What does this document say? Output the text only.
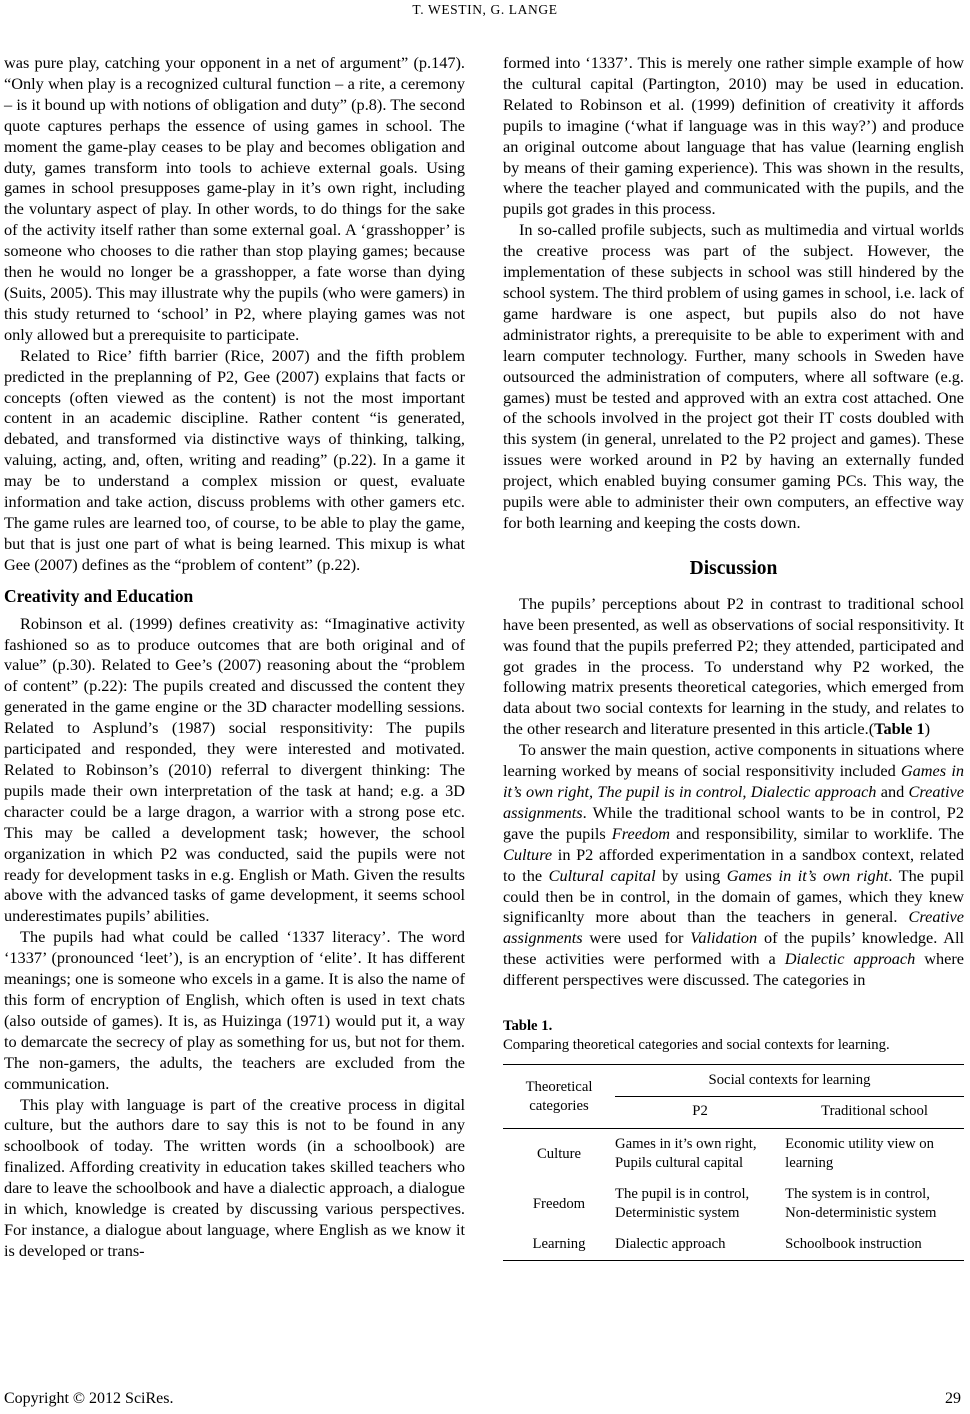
T. WESTIN, G. LANGE

was pure play, catching your opponent in a net of argument” (p.147). “Only when play is a recognized cultural function – a rite, a ceremony – is it bound up with notions of obligation and duty” (p.8). The second quote captures perhaps the essence of using games in school. The moment the game-play ceases to be play and becomes obligation and duty, games transform into tools to achieve external goals. Using games in school presupposes game-play in it’s own right, including the voluntary aspect of play. In other words, to do things for the sake of the activity itself rather than some external goal. A ‘grasshopper’ is someone who chooses to die rather than stop playing games; because then he would no longer be a grasshopper, a fate worse than dying (Suits, 2005). This may illustrate why the pupils (who were gamers) in this study returned to ‘school’ in P2, where playing games was not only allowed but a prerequisite to participate.

Related to Rice’ fifth barrier (Rice, 2007) and the fifth problem predicted in the preplanning of P2, Gee (2007) explains that facts or concepts (often viewed as the content) is not the most important content in an academic discipline. Rather content “is generated, debated, and transformed via distinctive ways of thinking, talking, valuing, acting, and, often, writing and reading” (p.22). In a game it may be to understand a complex mission or quest, evaluate information and take action, discuss problems with other gamers etc. The game rules are learned too, of course, to be able to play the game, but that is just one part of what is being learned. This mixup is what Gee (2007) defines as the “problem of content” (p.22).

Creativity and Education

Robinson et al. (1999) defines creativity as: “Imaginative activity fashioned so as to produce outcomes that are both original and of value” (p.30). Related to Gee’s (2007) reasoning about the “problem of content” (p.22): The pupils created and discussed the content they generated in the game engine or the 3D character modelling sessions. Related to Asplund’s (1987) social responsitivity: The pupils participated and responded, they were interested and motivated. Related to Robinson’s (2010) referral to divergent thinking: The pupils made their own interpretation of the task at hand; e.g. a 3D character could be a large dragon, a warrior with a strong pose etc. This may be called a development task; however, the school organization in which P2 was conducted, said the pupils were not ready for development tasks in e.g. English or Math. Given the results above with the advanced tasks of game development, it seems school underestimates pupils’ abilities.

The pupils had what could be called ‘1337 literacy’. The word ‘1337’ (pronounced ‘leet’), is an encryption of ‘elite’. It has different meanings; one is someone who excels in a game. It is also the name of this form of encryption of English, which often is used in text chats (also outside of games). It is, as Huizinga (1971) would put it, a way to demarcate the secrecy of play as something for us, but not for them. The non-gamers, the adults, the teachers are excluded from the communication.

This play with language is part of the creative process in digital culture, but the authors dare to say this is not to be found in any schoolbook of today. The written words (in a schoolbook) are finalized. Affording creativity in education takes skilled teachers who dare to leave the schoolbook and have a dialectic approach, a dialogue in which, knowledge is created by discussing various perspectives. For instance, a dialogue about language, where English as we know it is developed or trans-

formed into ‘1337’. This is merely one rather simple example of how the cultural capital (Partington, 2010) may be used in education. Related to Robinson et al. (1999) definition of creativity it affords pupils to imagine (‘what if language was in this way?’) and produce an original outcome about language that has value (learning english by means of their gaming experience). This was shown in the results, where the teacher played and communicated with the pupils, and the pupils got grades in this process.

In so-called profile subjects, such as multimedia and virtual worlds the creative process was part of the subject. However, the implementation of these subjects in school was still hindered by the school system. The third problem of using games in school, i.e. lack of game hardware is one aspect, but pupils also do not have administrator rights, a prerequisite to be able to experiment with and learn computer technology. Further, many schools in Sweden have outsourced the administration of computers, where all software (e.g. games) must be tested and approved with an extra cost attached. One of the schools involved in the project got their IT costs doubled with this system (in general, unrelated to the P2 project and games). These issues were worked around in P2 by having an externally funded project, which enabled buying consumer gaming PCs. This way, the pupils were able to administer their own computers, an effective way for both learning and keeping the costs down.

Discussion

The pupils’ perceptions about P2 in contrast to traditional school have been presented, as well as observations of social responsitivity. It was found that the pupils preferred P2; they attended, participated and got grades in the process. To understand why P2 worked, the following matrix presents theoretical categories, which emerged from data about two social contexts for learning in the study, and relates to the other research and literature presented in this article.(Table 1)

To answer the main question, active components in situations where learning worked by means of social responsitivity included Games in it’s own right, The pupil is in control, Dialectic approach and Creative assignments. While the traditional school wants to be in control, P2 gave the pupils Freedom and responsibility, similar to worklife. The Culture in P2 afforded experimentation in a sandbox context, related to the Cultural capital by using Games in it’s own right. The pupil could then be in control, in the domain of games, which they knew significanlty more about than the teachers in general. Creative assignments were used for Validation of the pupils’ knowledge. All these activities were performed with a Dialectic approach where different perspectives were discussed. The categories in

Table 1.
Comparing theoretical categories and social contexts for learning.
Theoretical categories	Social contexts for learning	
	P2	Traditional school
Culture	Games in it’s own right, Pupils cultural capital	Economic utility view on learning
Freedom	The pupil is in control, Deterministic system	The system is in control, Non-deterministic system
Learning	Dialectic approach	Schoolbook instruction
Copyright © 2012 SciRes.	29
